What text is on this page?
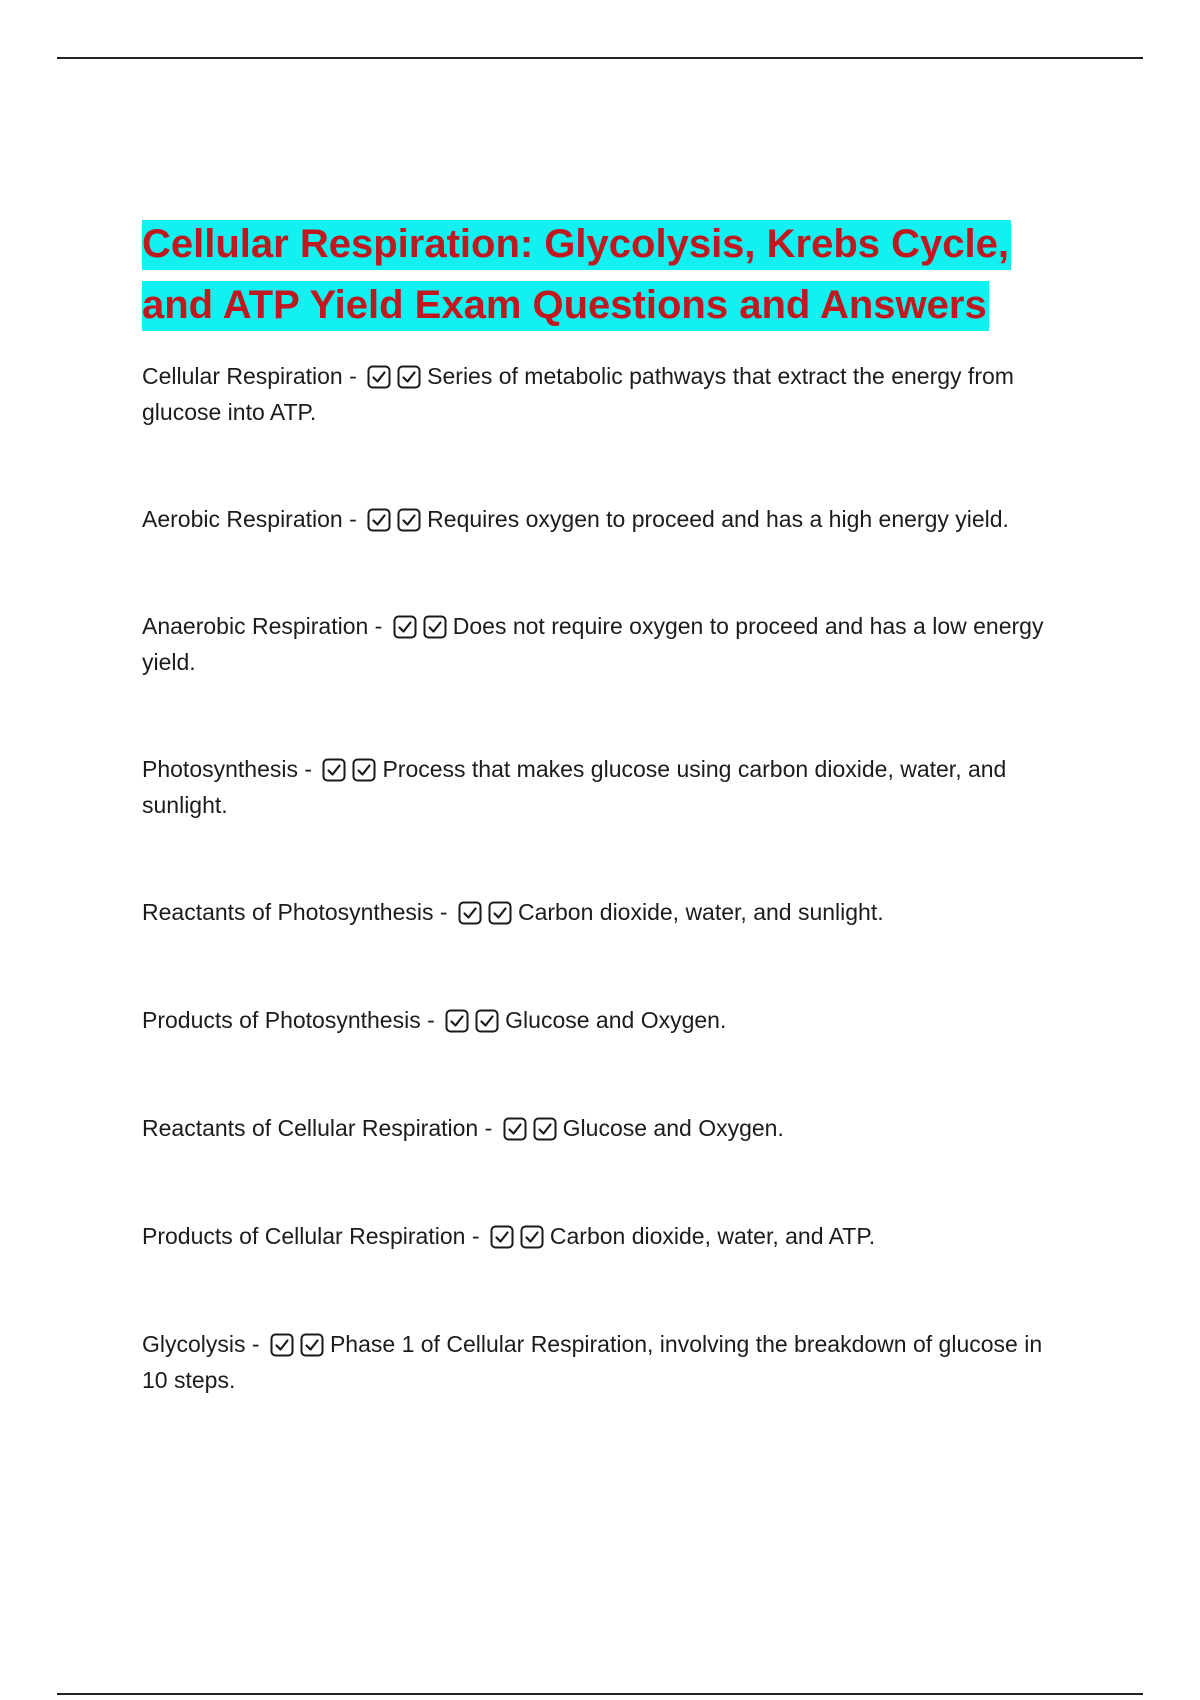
Cellular Respiration: Glycolysis, Krebs Cycle,
and ATP Yield Exam Questions and Answers

Cellular Respiration -	Series of metabolic pathways that extract the energy from glucose into ATP.

Aerobic Respiration -	Requires oxygen to proceed and has a high energy yield.

Anaerobic Respiration -	Does not require oxygen to proceed and has a low energy yield.

Photosynthesis -	Process that makes glucose using carbon dioxide, water, and sunlight.

Reactants of Photosynthesis -	Carbon dioxide, water, and sunlight.

Products of Photosynthesis -	Glucose and Oxygen.

Reactants of Cellular Respiration -	Glucose and Oxygen.

Products of Cellular Respiration -	Carbon dioxide, water, and ATP.

Glycolysis -	Phase 1 of Cellular Respiration, involving the breakdown of glucose in 10 steps.
